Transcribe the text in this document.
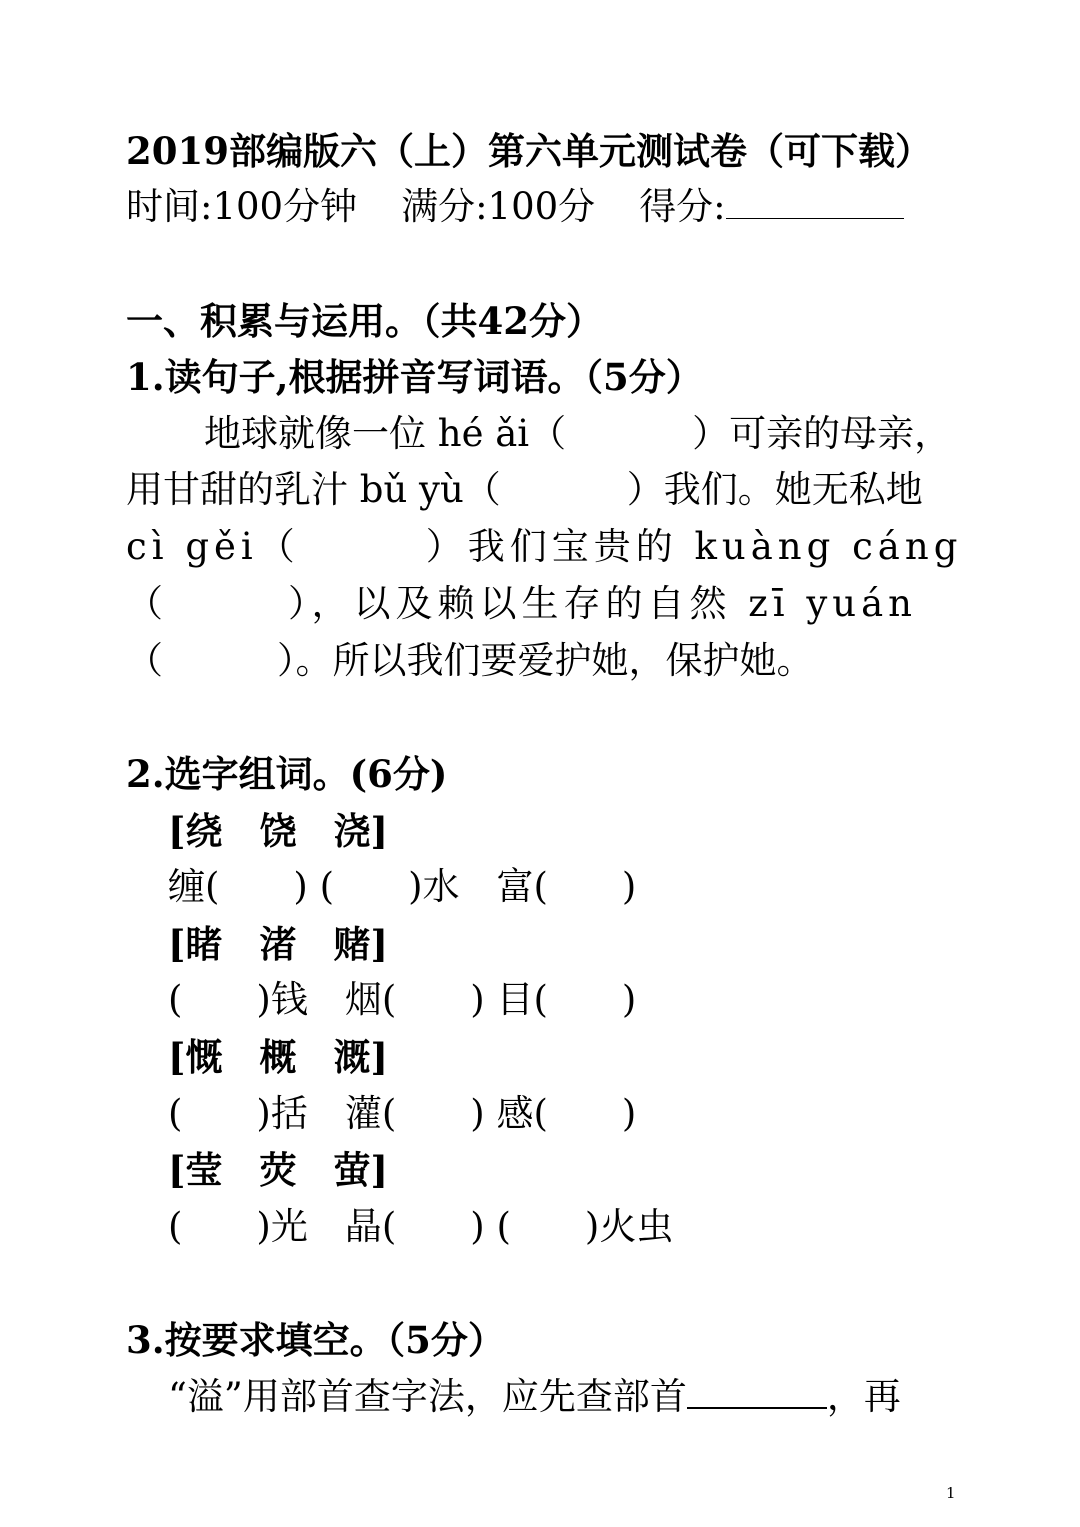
2019部编版六（上）第六单元测试卷（可下载）
时间:100分钟 满分:100分 得分:
一、积累与运用。（共42分）
1.读句子,根据拼音写词语。（5分）
地球就像一位 hé ǎi（	）可亲的母亲，
用甘甜的乳汁 bǔ yù（	）我们。她无私地
cì gěi（	）我们宝贵的 kuàng cáng
（	），以及赖以生存的自然 zī yuán
（	）。所以我们要爱护她，保护她。
2.选字组词。(6分)
[绕　饶　浇]
缠(　　) (　　)水　富(　　)
[睹　渚　赌]
(　　)钱　烟(　　) 目(　　)
[慨　概　溉]
(　　)括　灌(　　) 感(　　)
[莹　荧　萤]
(　　)光　晶(　　) (　　)火虫
3.按要求填空。（5分）
“溢”用部首查字法，应先查部首	，再
1
